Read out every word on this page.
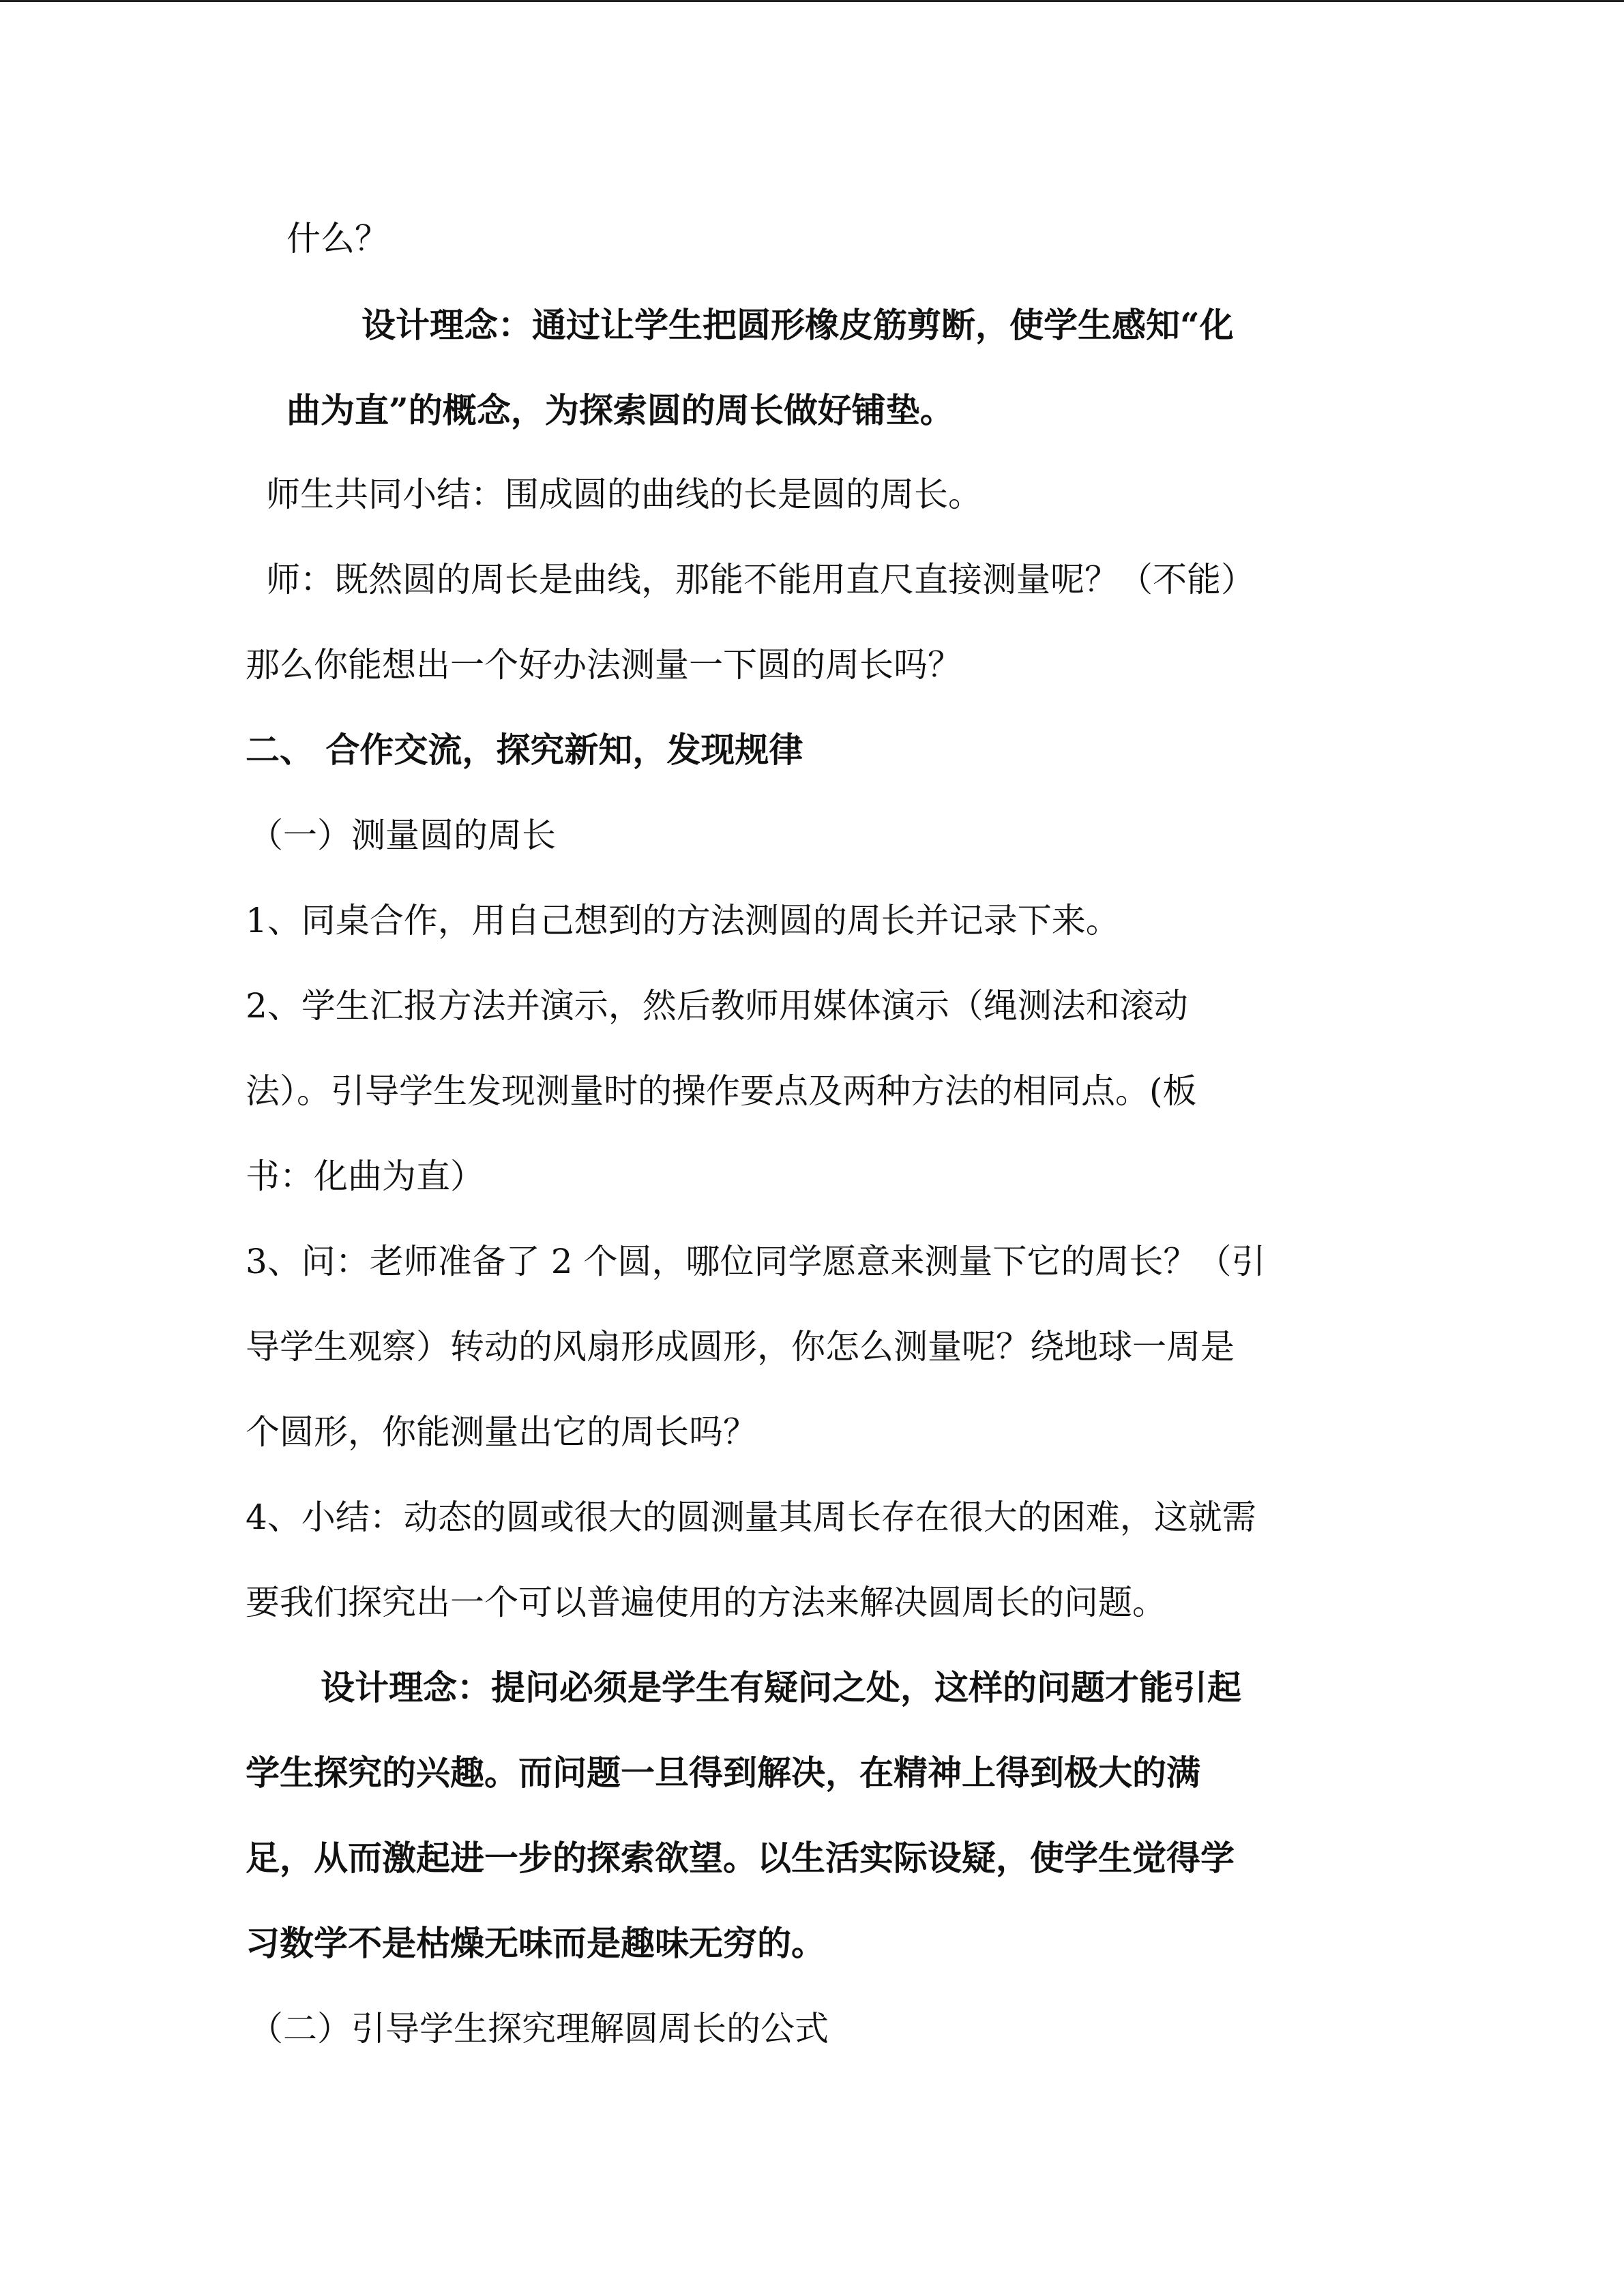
什么？
设计理念：通过让学生把圆形橡皮筋剪断，使学生感知“化
曲为直”的概念，为探索圆的周长做好铺垫。
师生共同小结：围成圆的曲线的长是圆的周长。
师：既然圆的周长是曲线，那能不能用直尺直接测量呢？（不能）
那么你能想出一个好办法测量一下圆的周长吗？
二、 合作交流，探究新知，发现规律
（一）测量圆的周长
1、同桌合作，用自己想到的方法测圆的周长并记录下来。
2、学生汇报方法并演示，然后教师用媒体演示（绳测法和滚动
法）。引导学生发现测量时的操作要点及两种方法的相同点。(板
书：化曲为直）
3、问：老师准备了 2 个圆，哪位同学愿意来测量下它的周长？（引
导学生观察）转动的风扇形成圆形，你怎么测量呢？绕地球一周是
个圆形，你能测量出它的周长吗？
4、小结：动态的圆或很大的圆测量其周长存在很大的困难，这就需
要我们探究出一个可以普遍使用的方法来解决圆周长的问题。
设计理念：提问必须是学生有疑问之处，这样的问题才能引起
学生探究的兴趣。而问题一旦得到解决，在精神上得到极大的满
足，从而激起进一步的探索欲望。以生活实际设疑，使学生觉得学
习数学不是枯燥无味而是趣味无穷的。
（二）引导学生探究理解圆周长的公式
